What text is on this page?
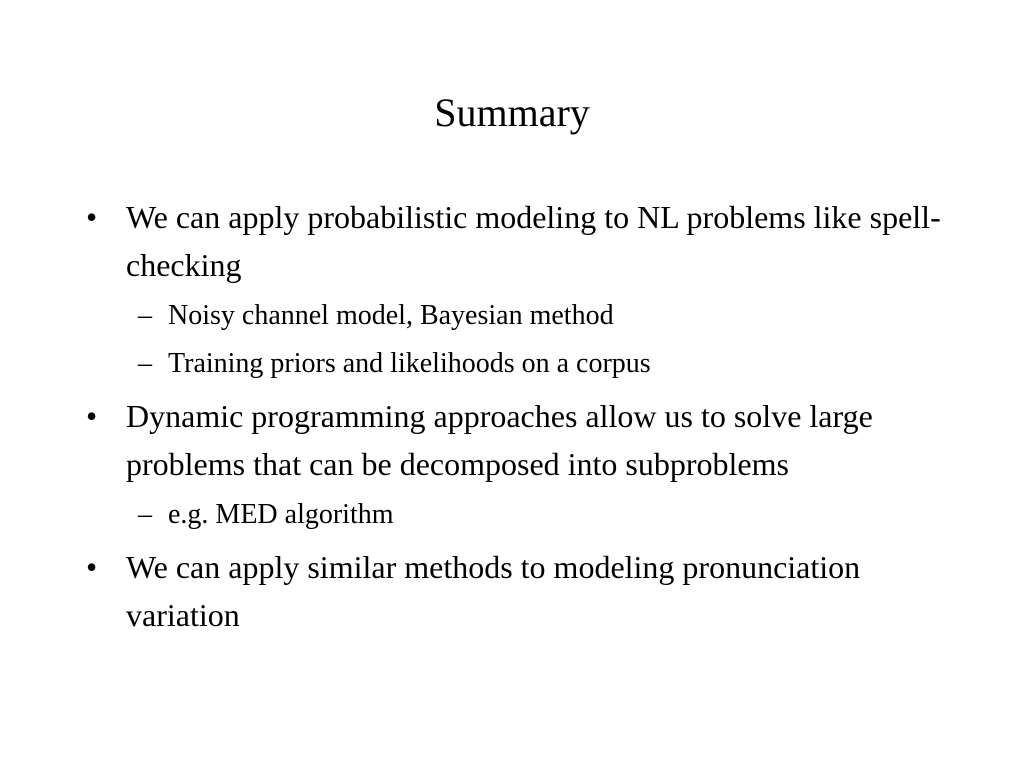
Summary
• We can apply probabilistic modeling to NL problems like spell-checking
– Noisy channel model, Bayesian method
– Training priors and likelihoods on a corpus
• Dynamic programming approaches allow us to solve large problems that can be decomposed into subproblems
– e.g. MED algorithm
• We can apply similar methods to modeling pronunciation variation
